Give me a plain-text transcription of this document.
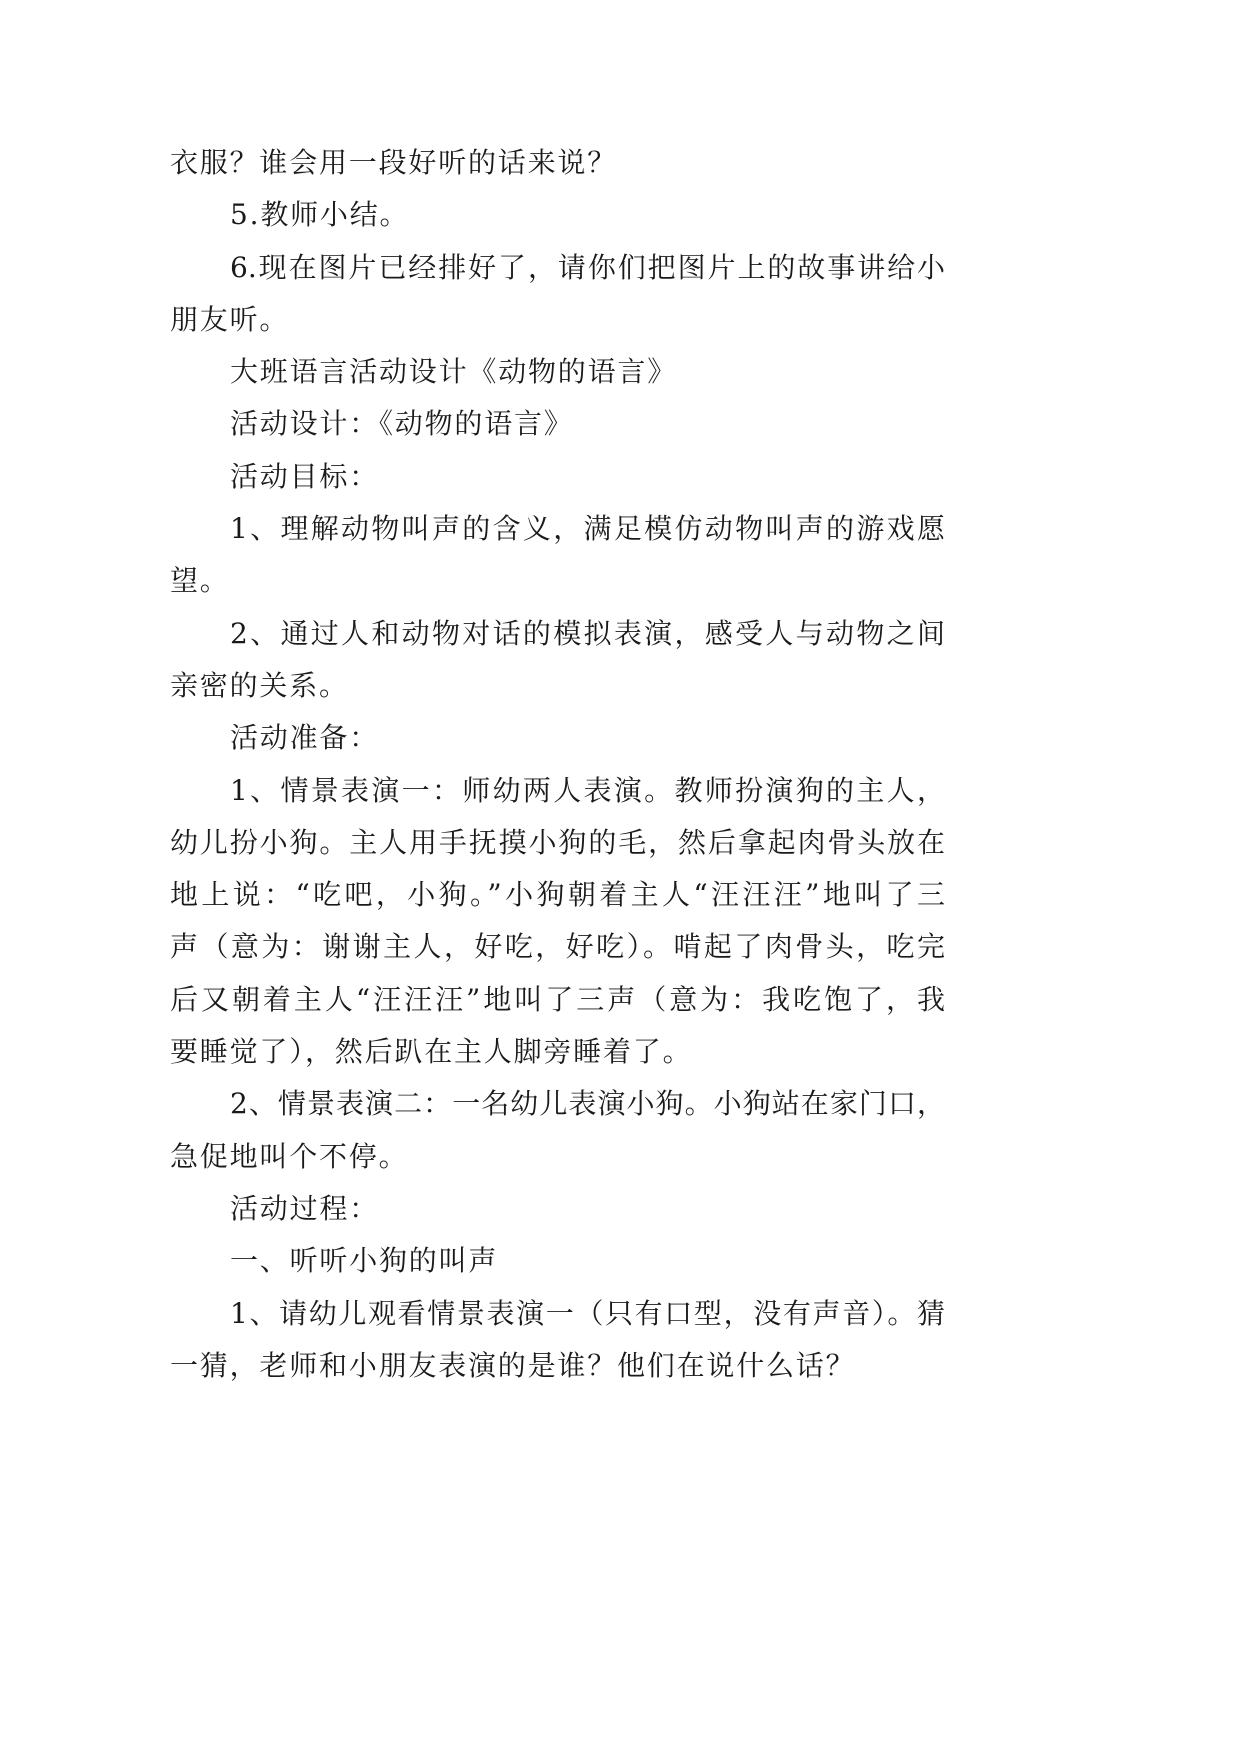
衣服？谁会用一段好听的话来说？
5.教师小结。
6.现在图片已经排好了，请你们把图片上的故事讲给小
朋友听。
大班语言活动设计《动物的语言》
活动设计：《动物的语言》
活动目标：
1、理解动物叫声的含义，满足模仿动物叫声的游戏愿
望。
2、通过人和动物对话的模拟表演，感受人与动物之间
亲密的关系。
活动准备：
1、情景表演一：师幼两人表演。教师扮演狗的主人，
幼儿扮小狗。主人用手抚摸小狗的毛，然后拿起肉骨头放在
地上说：“吃吧，小狗。”小狗朝着主人“汪汪汪”地叫了三
声（意为：谢谢主人，好吃，好吃）。啃起了肉骨头，吃完
后又朝着主人“汪汪汪”地叫了三声（意为：我吃饱了，我
要睡觉了），然后趴在主人脚旁睡着了。
2、情景表演二：一名幼儿表演小狗。小狗站在家门口，
急促地叫个不停。
活动过程：
一、听听小狗的叫声
1、请幼儿观看情景表演一（只有口型，没有声音）。猜
一猜，老师和小朋友表演的是谁？他们在说什么话？
